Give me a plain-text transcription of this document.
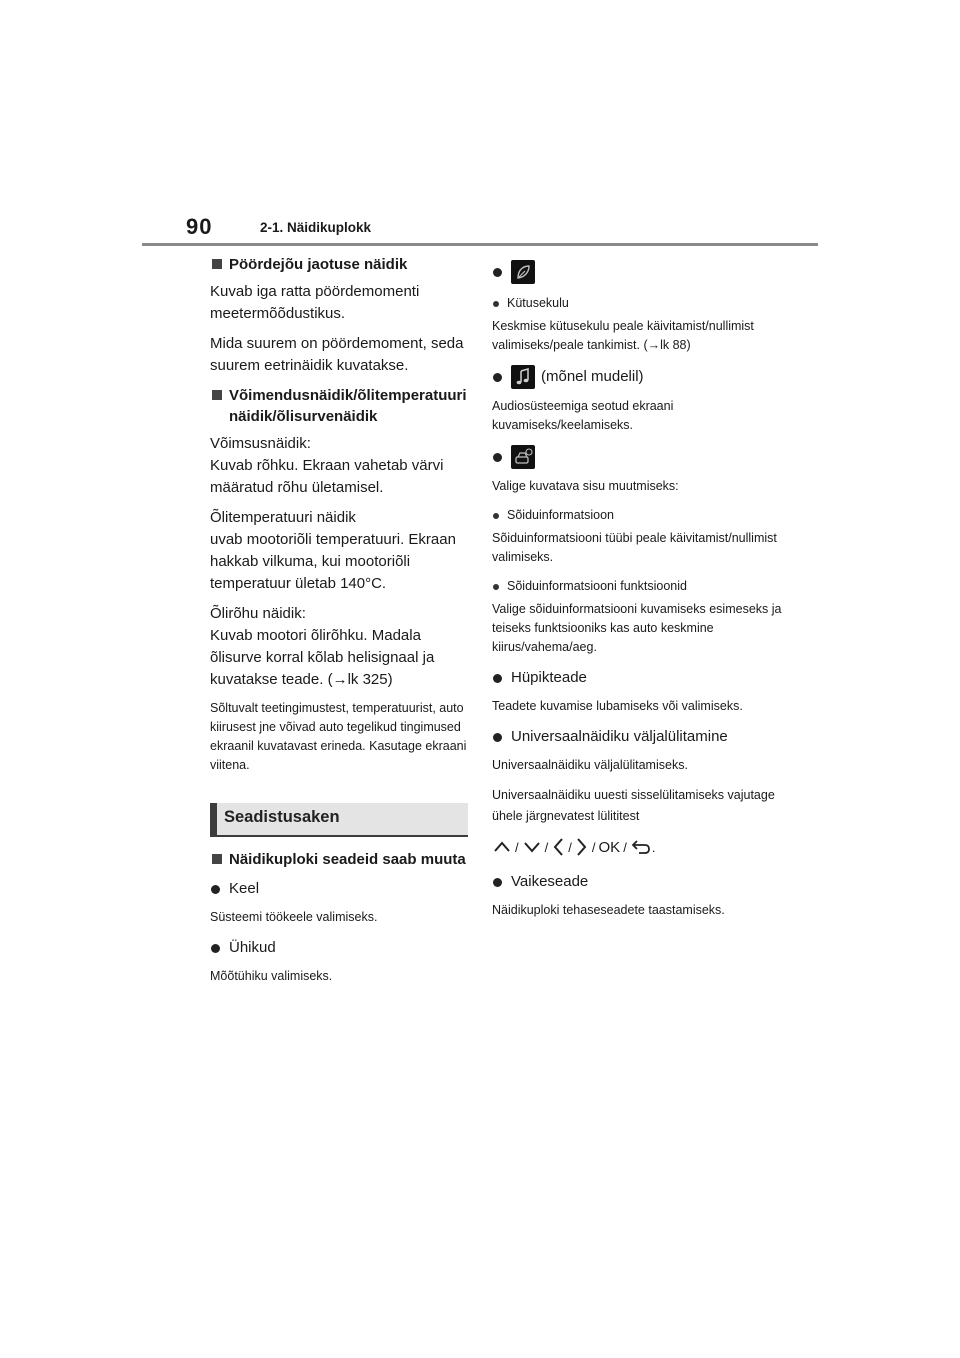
90	2-1. Näidikuplokk
Pöördejõu jaotuse näidik

Kuvab iga ratta pöördemomenti meetermõõdustikus.

Mida suurem on pöördemoment, seda suurem eetrinäidik kuvatakse.

Võimendusnäidik/õlitemperatuurinäidik/õlisurvenäidik

Võimsusnäidik:
Kuvab rõhku. Ekraan vahetab värvi määratud rõhu ületamisel.

Õlitemperatuuri näidik
uvab mootoriõli temperatuuri. Ekraan hakkab vilkuma, kui mootoriõli temperatuur ületab 140°C.

Õlirõhu näidik:
Kuvab mootori õlirõhku. Madala õlisurve korral kõlab helisignaal ja kuvatakse teade. (→lk 325)

Sõltuvalt teetingimustest, temperatuurist, auto kiirusest jne võivad auto tegelikud tingimused ekraanil kuvatavast erineda. Kasutage ekraani viitena.

Seadistusaken
Näidikuploki seadeid saab muuta
Keel

Süsteemi töökeele valimiseks.

Ühikud

Mõõtühiku valimiseks.

Kütusekulu

Keskmise kütusekulu peale käivitamist/nullimist valimiseks/peale tankimist. (→lk 88)

(mõnel mudelil)

Audiosüsteemiga seotud ekraani kuvamiseks/keelamiseks.

Valige kuvatava sisu muutmiseks:

Sõiduinformatsioon

Sõiduinformatsiooni tüübi peale käivitamist/nullimist valimiseks.

Sõiduinformatsiooni funktsioonid

Valige sõiduinformatsiooni kuvamiseks esimeseks ja teiseks funktsiooniks kas auto keskmine kiirus/vahema/aeg.

Hüpikteade

Teadete kuvamise lubamiseks või valimiseks.

Universaalnäidiku väljalülitamine

Universaalnäidiku väljalülitamiseks.

Universaalnäidiku uuesti sisselülitamiseks vajutage ühele järgnevatest lülititest

/ / / / OK / .
Vaikeseade

Näidikuploki tehaseseadete taastamiseks.
